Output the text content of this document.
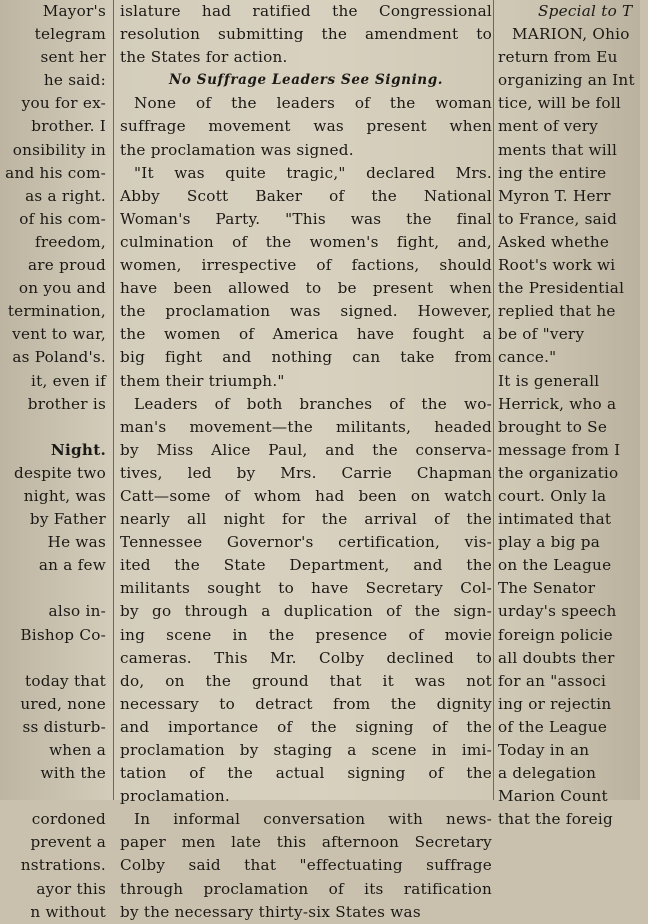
Mayor's
telegram
sent her
he said:
you for ex-
brother. I
onsibility in
and his com-
as a right.
of his com-
freedom,
are proud
on you and
termination,
vent to war,
as Poland's.
it, even if
brother is
Night.
despite two
night, was
by Father
He was
an a few
also in-
Bishop Co-
today that
ured, none
ss disturb-
when a
with the
cordoned
prevent a
nstrations.
ayor this
n without
islature had ratified the Congressional
resolution submitting the amendment to
the States for action.
No Suffrage Leaders See Signing.
None of the leaders of the woman
suffrage movement was present when
the proclamation was signed.
"It was quite tragic," declared Mrs.
Abby Scott Baker of the National
Woman's Party. "This was the final
culmination of the women's fight, and,
women, irrespective of factions, should
have been allowed to be present when
the proclamation was signed. However,
the women of America have fought a
big fight and nothing can take from
them their triumph."
Leaders of both branches of the wo-
man's movement—the militants, headed
by Miss Alice Paul, and the conserva-
tives, led by Mrs. Carrie Chapman
Catt—some of whom had been on watch
nearly all night for the arrival of the
Tennessee Governor's certification, vis-
ited the State Department, and the
militants sought to have Secretary Col-
by go through a duplication of the sign-
ing scene in the presence of movie
cameras. This Mr. Colby declined to
do, on the ground that it was not
necessary to detract from the dignity
and importance of the signing of the
proclamation by staging a scene in imi-
tation of the actual signing of the
proclamation.
In informal conversation with news-
paper men late this afternoon Secretary
Colby said that "effectuating suffrage
through proclamation of its ratification
by the necessary thirty-six States was
Special to T
MARION, Ohio
return from Eu
organizing an Int
tice, will be foll
ment of very
ments that will
ing the entire
Myron T. Herr
to France, said
Asked whethe
Root's work wi
the Presidential
replied that he
be of "very
cance."
It is generall
Herrick, who a
brought to Se
message from I
the organizatio
court. Only la
intimated that
play a big pa
on the League
The Senator
urday's speech
foreign policie
all doubts ther
for an "associ
ing or rejectin
of the League
Today in an
a delegation
Marion Count
that the foreig
